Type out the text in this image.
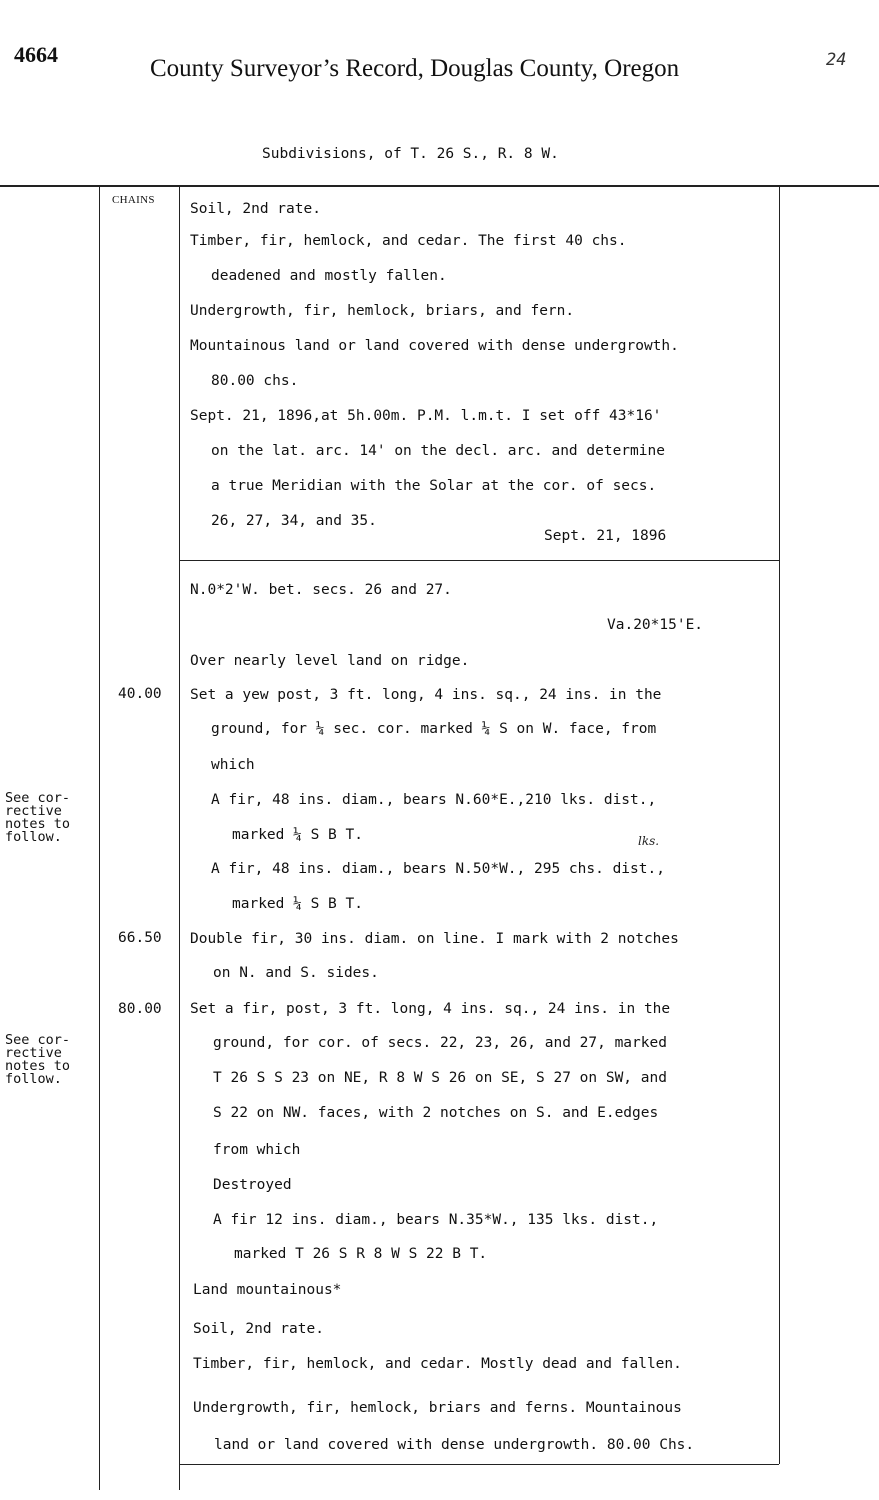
4664
County Surveyor’s Record, Douglas County, Oregon	24
Subdivisions, of T. 26 S., R. 8 W.
CHAINS
40.00
66.50
80.00
See cor-
rective
notes to
follow.
See cor-
rective
notes to
follow.
Soil, 2nd rate.
Timber, fir, hemlock, and cedar. The first 40 chs.
deadened and mostly fallen.
Undergrowth, fir, hemlock, briars, and fern.
Mountainous land or land covered with dense undergrowth.
80.00 chs.
Sept. 21, 1896,at 5h.00m. P.M. l.m.t. I set off 43*16'
on the lat. arc. 14' on the decl. arc. and determine
a true Meridian with the Solar at the cor. of secs.
26, 27, 34, and 35.
Sept. 21, 1896
N.0*2'W. bet. secs. 26 and 27.
Va.20*15'E.
Over nearly level land on ridge.
Set a yew post, 3 ft. long, 4 ins. sq., 24 ins. in the
ground, for ¼ sec. cor. marked ¼ S on W. face, from
which
A fir, 48 ins. diam., bears N.60*E.,210 lks. dist.,
marked ¼ S B T.	lks.
A fir, 48 ins. diam., bears N.50*W., 295 chs. dist.,
marked ¼ S B T.
Double fir, 30 ins. diam. on line. I mark with 2 notches
on N. and S. sides.
Set a fir, post, 3 ft. long, 4 ins. sq., 24 ins. in the
ground, for cor. of secs. 22, 23, 26, and 27, marked
T 26 S S 23 on NE, R 8 W S 26 on SE, S 27 on SW, and
S 22 on NW. faces, with 2 notches on S. and E.edges
from which
Destroyed
A fir 12 ins. diam., bears N.35*W., 135 lks. dist.,
marked T 26 S R 8 W S 22 B T.
Land mountainous*
Soil, 2nd rate.
Timber, fir, hemlock, and cedar. Mostly dead and fallen.
Undergrowth, fir, hemlock, briars and ferns. Mountainous
land or land covered with dense undergrowth. 80.00 Chs.
